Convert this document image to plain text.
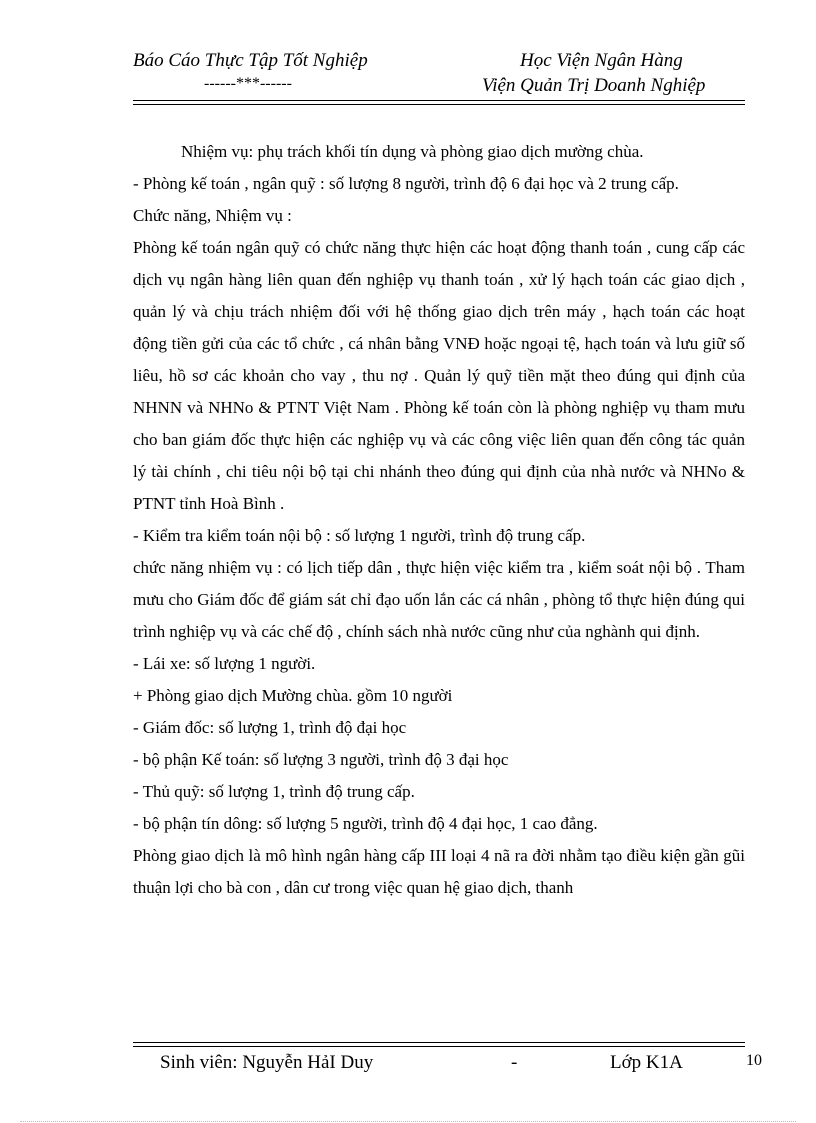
Báo Cáo Thực Tập Tốt Nghiệp
------***------
Học Viện Ngân Hàng
Viện Quản Trị Doanh Nghiệp

Nhiệm vụ: phụ trách khối tín dụng và phòng giao dịch mường chùa.

- Phòng kế toán , ngân quỹ : số lượng 8 người, trình độ 6 đại học và 2 trung cấp.

Chức năng, Nhiệm vụ :

Phòng kế toán ngân quỹ có chức năng thực hiện các hoạt động thanh toán , cung cấp các dịch vụ ngân hàng liên quan đến nghiệp vụ thanh toán , xử lý hạch toán các giao dịch , quản lý và chịu trách nhiệm đối với hệ thống giao dịch trên máy , hạch toán các hoạt động tiền gửi của các tổ chức , cá nhân bằng VNĐ hoặc ngoại tệ, hạch toán và lưu giữ số liêu, hồ sơ các khoản cho vay , thu nợ . Quản lý quỹ tiền mặt theo đúng qui định của NHNN và NHNo & PTNT Việt Nam . Phòng kế toán còn là phòng nghiệp vụ tham mưu cho ban giám đốc thực hiện các nghiệp vụ và các công việc liên quan đến công tác quản lý tài chính , chi tiêu nội bộ tại chi nhánh theo đúng qui định của nhà nước và NHNo & PTNT tỉnh Hoà Bình .

- Kiểm tra kiểm toán nội bộ : số lượng 1 người, trình độ trung cấp.

chức năng nhiệm vụ : có lịch tiếp dân , thực hiện việc kiểm tra , kiểm soát nội bộ . Tham mưu cho Giám đốc để giám sát chỉ đạo uốn lắn các cá nhân , phòng tổ thực hiện đúng qui trình nghiệp vụ và các chế độ , chính sách nhà nước cũng như của nghành qui định.

- Lái xe: số lượng 1 người.

+ Phòng giao dịch Mường chùa. gồm 10 người

- Giám đốc: số lượng 1, trình độ đại học

- bộ phận Kế toán: số lượng 3 người, trình độ 3 đại học

- Thủ quỹ: số lượng 1, trình độ trung cấp.

- bộ phận tín dông: số lượng 5 người, trình độ 4 đại học, 1 cao đẳng.

Phòng giao dịch là mô hình ngân hàng cấp III loại 4 nã ra đời nhằm tạo điều kiện gần gũi thuận lợi cho bà con , dân cư trong việc quan hệ giao dịch, thanh

Sinh viên: Nguyễn HảI Duy	-	Lớp K1A	10
